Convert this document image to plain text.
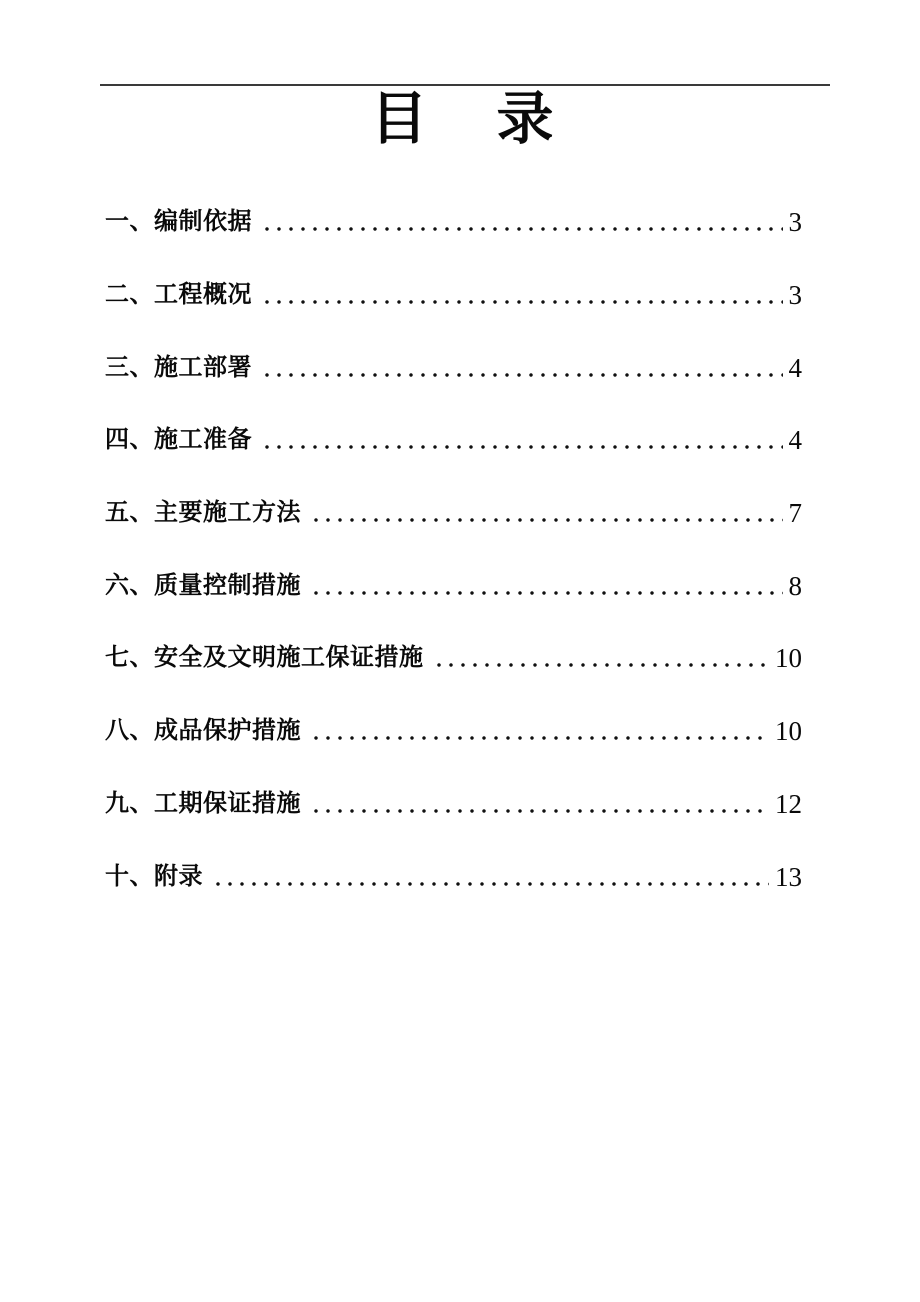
目　录
一、编制依据	3
二、工程概况	3
三、施工部署	4
四、施工准备	4
五、主要施工方法	7
六、质量控制措施	8
七、安全及文明施工保证措施	10
八、成品保护措施	10
九、工期保证措施	12
十、附录	13
